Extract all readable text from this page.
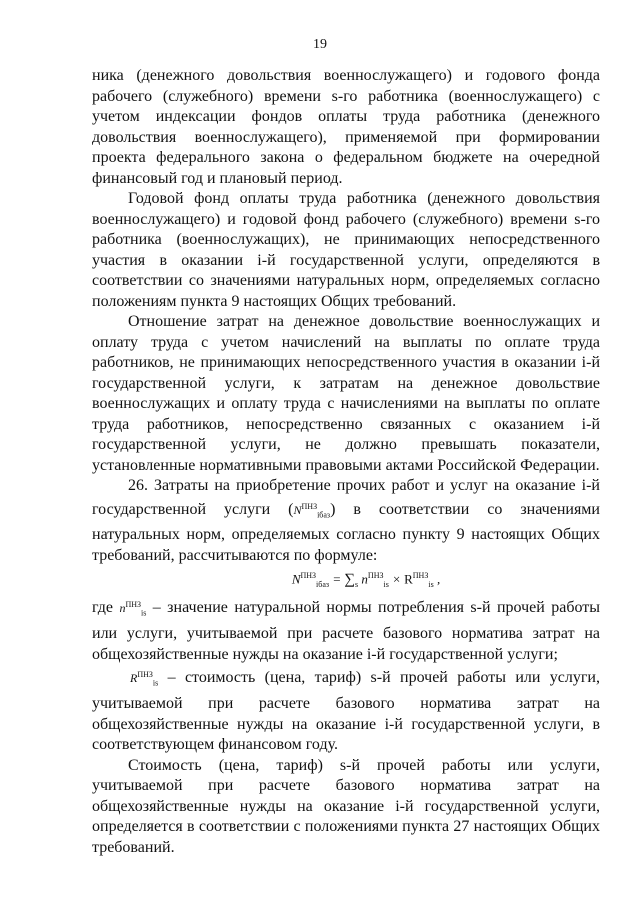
19

ника (денежного довольствия военнослужащего) и годового фонда рабочего (служебного) времени s-го работника (военнослужащего) с учетом индексации фондов оплаты труда работника (денежного довольствия военнослужащего), применяемой при формировании проекта федерального закона о федеральном бюджете на очередной финансовый год и плановый период.

Годовой фонд оплаты труда работника (денежного довольствия военнослужащего) и годовой фонд рабочего (служебного) времени s-го работника (военнослужащих), не принимающих непосредственного участия в оказании i-й государственной услуги, определяются в соответствии со значениями натуральных норм, определяемых согласно положениям пункта 9 настоящих Общих требований.

Отношение затрат на денежное довольствие военнослужащих и оплату труда с учетом начислений на выплаты по оплате труда работников, не принимающих непосредственного участия в оказании i-й государственной услуги, к затратам на денежное довольствие военнослужащих и оплату труда с начислениями на выплаты по оплате труда работников, непосредственно связанных с оказанием i-й государственной услуги, не должно превышать показатели, установленные нормативными правовыми актами Российской Федерации.

26. Затраты на приобретение прочих работ и услуг на оказание i-й государственной услуги $(N^{ПНЗ}_{iбаз})$ в соответствии со значениями натуральных норм, определяемых согласно пункту 9 настоящих Общих требований, рассчитываются по формуле:

$N^{ПНЗ}_{iбаз} = \sum_s$ $n^{ПНЗ}_{is} \times R^{ПНЗ}_{is}$ ,

где $n^{ПНЗ}_{is}$ – значение натуральной нормы потребления s-й прочей работы или услуги, учитываемой при расчете базового норматива затрат на общехозяйственные нужды на оказание i-й государственной услуги;

$R^{ПНЗ}_{is}$ – стоимость (цена, тариф) s-й прочей работы или услуги, учитываемой при расчете базового норматива затрат на общехозяйственные нужды на оказание i-й государственной услуги, в соответствующем финансовом году.

Стоимость (цена, тариф) s-й прочей работы или услуги, учитываемой при расчете базового норматива затрат на общехозяйственные нужды на оказание i-й государственной услуги, определяется в соответствии с положениями пункта 27 настоящих Общих требований.
